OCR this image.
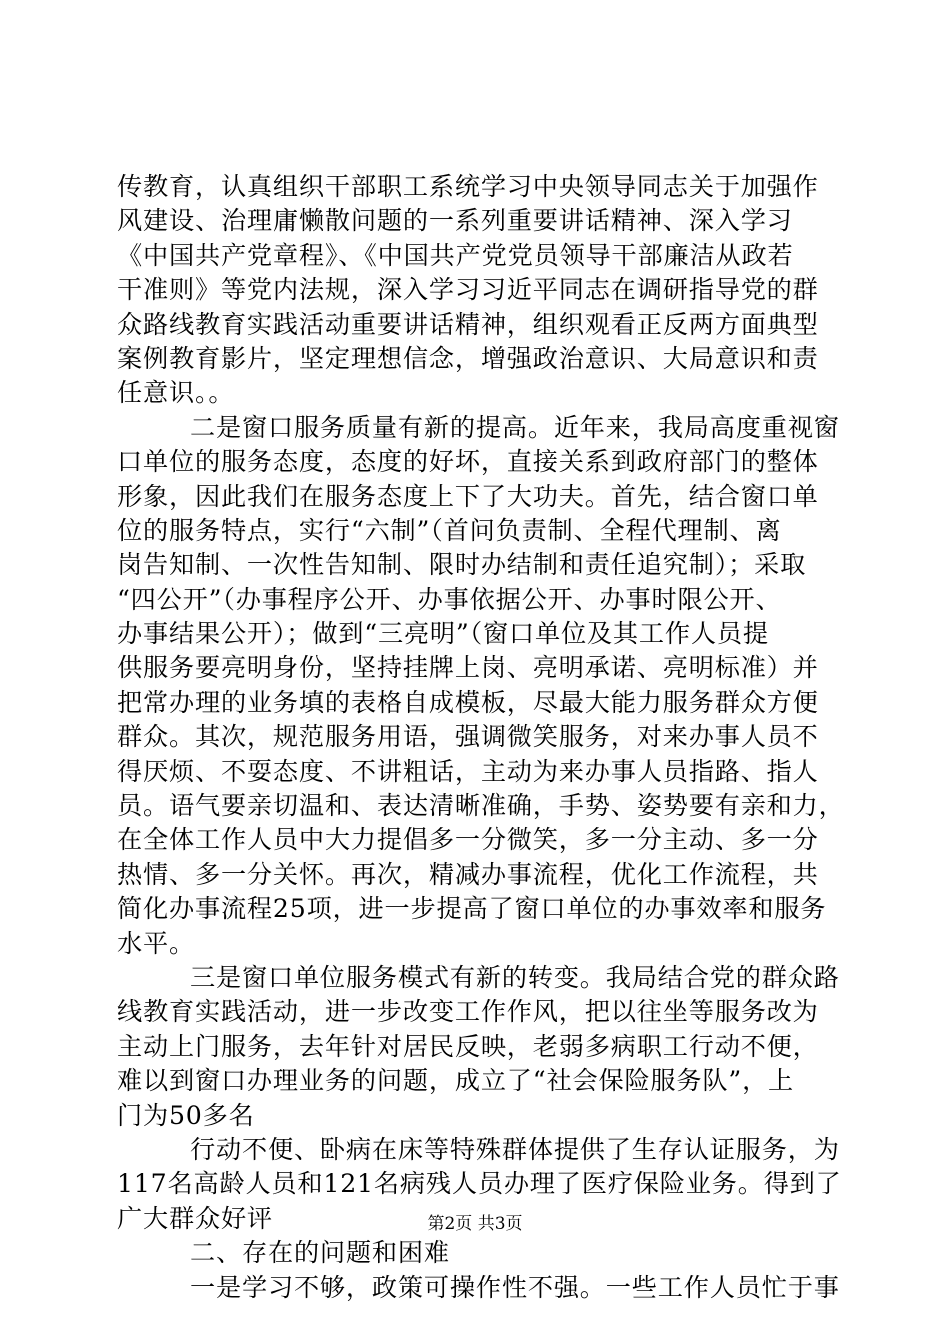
传教育，认真组织干部职工系统学习中央领导同志关于加强作
风建设、治理庸懒散问题的一系列重要讲话精神、深入学习
《中国共产党章程》、《中国共产党党员领导干部廉洁从政若
干准则》等党内法规，深入学习习近平同志在调研指导党的群
众路线教育实践活动重要讲话精神，组织观看正反两方面典型
案例教育影片，坚定理想信念，增强政治意识、大局意识和责
任意识。。
二是窗口服务质量有新的提高。近年来，我局高度重视窗
口单位的服务态度，态度的好坏，直接关系到政府部门的整体
形象，因此我们在服务态度上下了大功夫。首先，结合窗口单
位的服务特点，实行“六制”（首问负责制、全程代理制、离
岗告知制、一次性告知制、限时办结制和责任追究制）；采取
“四公开”（办事程序公开、办事依据公开、办事时限公开、
办事结果公开）；做到“三亮明”（窗口单位及其工作人员提
供服务要亮明身份，坚持挂牌上岗、亮明承诺、亮明标准）并
把常办理的业务填的表格自成模板，尽最大能力服务群众方便
群众。其次，规范服务用语，强调微笑服务，对来办事人员不
得厌烦、不耍态度、不讲粗话，主动为来办事人员指路、指人
员。语气要亲切温和、表达清晰准确，手势、姿势要有亲和力，
在全体工作人员中大力提倡多一分微笑，多一分主动、多一分
热情、多一分关怀。再次，精减办事流程，优化工作流程，共
简化办事流程25项，进一步提高了窗口单位的办事效率和服务
水平。
三是窗口单位服务模式有新的转变。我局结合党的群众路
线教育实践活动，进一步改变工作作风，把以往坐等服务改为
主动上门服务，去年针对居民反映，老弱多病职工行动不便，
难以到窗口办理业务的问题，成立了“社会保险服务队”，上
门为50多名
行动不便、卧病在床等特殊群体提供了生存认证服务，为
117名高龄人员和121名病残人员办理了医疗保险业务。得到了
广大群众好评
二、存在的问题和困难
一是学习不够，政策可操作性不强。一些工作人员忙于事
第2页 共3页
